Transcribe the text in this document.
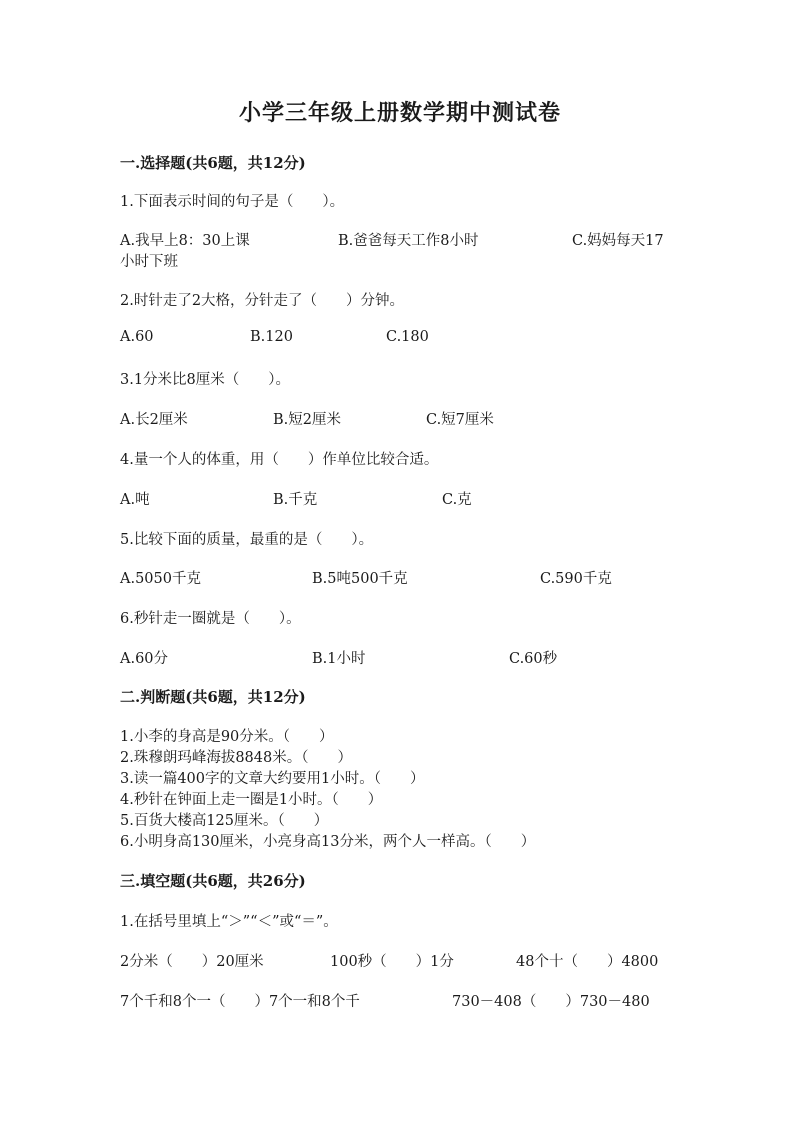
小学三年级上册数学期中测试卷
一.选择题(共6题，共12分)
1.下面表示时间的句子是（　　）。
A.我早上8：30上课	B.爸爸每天工作8小时	C.妈妈每天17
小时下班
2.时针走了2大格，分针走了（　　）分钟。
A.60	B.120	C.180
3.1分米比8厘米（　　）。
A.长2厘米	B.短2厘米	C.短7厘米
4.量一个人的体重，用（　　）作单位比较合适。
A.吨	B.千克	C.克
5.比较下面的质量，最重的是（　　）。
A.5050千克	B.5吨500千克	C.590千克
6.秒针走一圈就是（　　）。
A.60分	B.1小时	C.60秒
二.判断题(共6题，共12分)
1.小李的身高是90分米。（　　）
2.珠穆朗玛峰海拔8848米。（　　）
3.读一篇400字的文章大约要用1小时。（　　）
4.秒针在钟面上走一圈是1小时。（　　）
5.百货大楼高125厘米。（　　）
6.小明身高130厘米，小亮身高13分米，两个人一样高。（　　）
三.填空题(共6题，共26分)
1.在括号里填上“＞”“＜”或“＝”。
2分米（　　）20厘米	100秒（　　）1分	48个十（　　）4800
7个千和8个一（　　）7个一和8个千	730－408（　　）730－480
